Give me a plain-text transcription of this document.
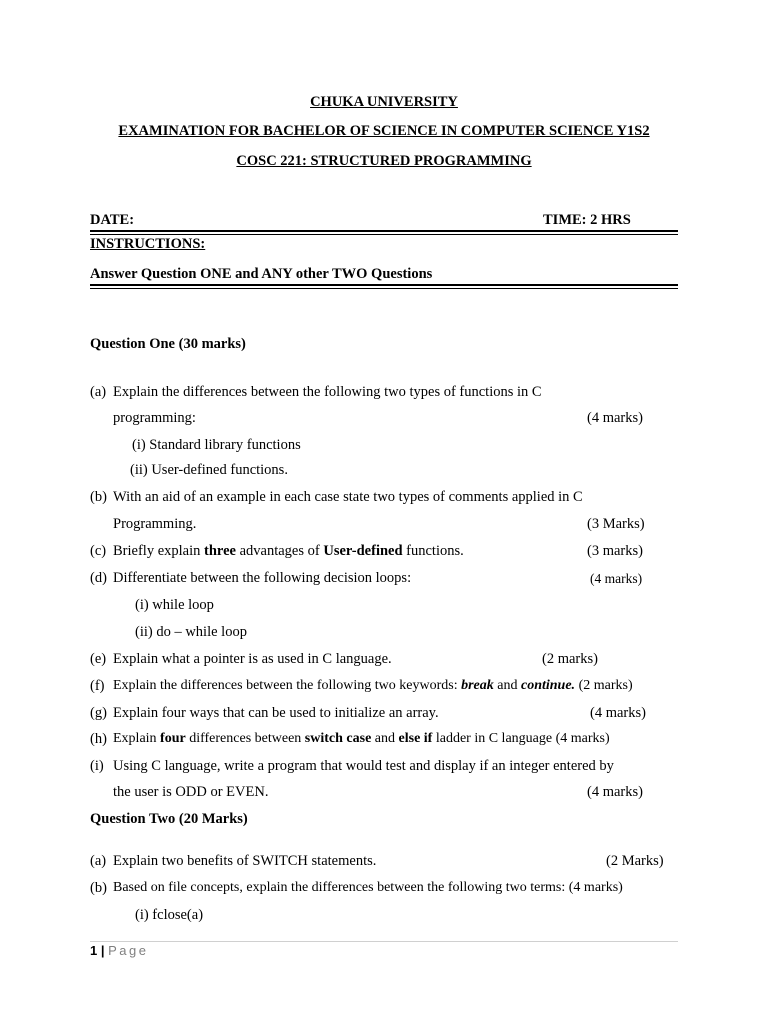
CHUKA UNIVERSITY
EXAMINATION FOR BACHELOR OF SCIENCE IN COMPUTER SCIENCE Y1S2
COSC 221: STRUCTURED PROGRAMMING
DATE:	TIME: 2 HRS
INSTRUCTIONS:
Answer Question ONE and ANY other TWO Questions
Question One (30 marks)
(a) Explain the differences between the following two types of functions in C
programming:	(4 marks)
(i) Standard library functions
(ii) User-defined functions.
(b) With an aid of an example in each case state two types of comments applied in C
Programming.	(3 Marks)
(c) Briefly explain three advantages of User-defined functions.	(3 marks)
(d) Differentiate between the following decision loops:	(4 marks)
(i) while loop
(ii) do – while loop
(e) Explain what a pointer is as used in C language.	(2 marks)
(f) Explain the differences between the following two keywords: break and continue. (2 marks)
(g) Explain four ways that can be used to initialize an array.	(4 marks)
(h) Explain four differences between switch case and else if ladder in C language (4 marks)
(i) Using C language, write a program that would test and display if an integer entered by
the user is ODD or EVEN.	(4 marks)
Question Two (20 Marks)
(a) Explain two benefits of SWITCH statements.	(2 Marks)
(b) Based on file concepts, explain the differences between the following two terms: (4 marks)
(i) fclose(a)
1 | Page
